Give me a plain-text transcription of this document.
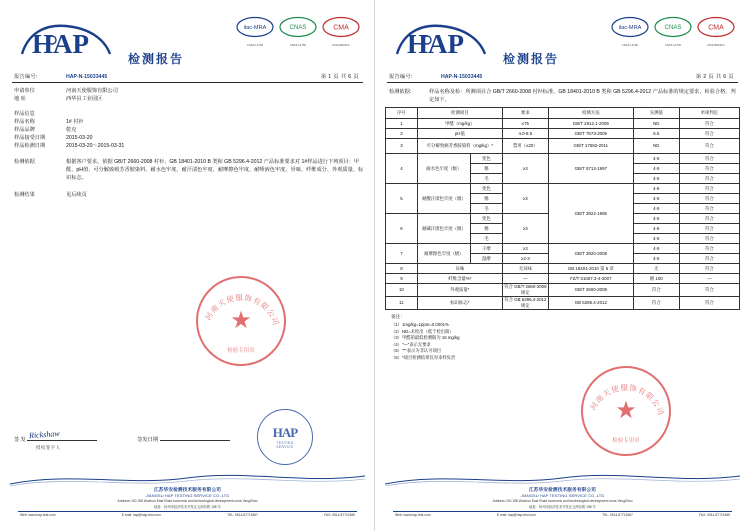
HAP	检测报告
ilac-MRA
CNAS L4766
CNAS
CNAS L4766
CMA
2012J0019FC
报告编号:	HAP-N-15033445	第 1 页 共 6 页
申请单位	河南天使服饰有限公司
地 址	西华县工业园区
样品信息
样品名称	1# 衬衫
样品品牌	乾克
样品接受日期	2015-03-20
样品检测日期	2015-03-20～2015-03-31
检测依据	根据客户要求，依据 GB/T 2660-2008 衬衫、GB 18401-2010 B 类和 GB 5296.4-2012 产品标准要求对 1#样品进行下列项目：甲醛、pH值、可分解致癌芳香胺染料、耐水色牢度、耐汗渍色牢度、耐摩擦色牢度、耐唾液色牢度、异味、纤维成分、外观质量、标识标志。
检测结果	见后续页
河南天使服饰有限公司
★
检验专用章
签 发 Rickshaw	签发日期
授权签字人
HAP
TESTING SERVICE
江苏华安检测技术服务有限公司
JIANGSU HAP TESTING SERVICE CO.,LTD
Address: NO.198 Wuzhou East Road economic and technological development zone,YangZhou
地址：扬州市经济技术开发区五洲东路 198 号
Web: www.hap-test.com	E-mail: hap@hap-test.com	TEL: 0514-87711567	FAX: 0514-87711565
HAP	检测报告
ilac-MRA
CNAS L4766
CNAS
CNAS L4766
CMA
2012J0019FC
报告编号:	HAP-N-15033445	第 2 页 共 6 页
检测依据:	样品名称及检：所测项目合 GB/T 2660-2008 衬衫标准、GB 18401-2010 B 类和 GB 5296.4-2012 产品标准的规定要求，检验合格，判定如下。
序号	检测项目		要求	检测方法	实测值	单项判定
1	甲醛（mg/kg）		≤75	GB/T 2912.1-2009	ND	符合
2	pH值		4.0-8.5	GB/T 7573-2009	6.5	符合
3	可分解致癌芳香胺染料（mg/kg）*		禁用（≤20）	GB/T 17592-2011	ND	符合
4	耐水色牢度（级）	变色	≥3	GB/T 5713-1997	4-5	符合
		棉			4-5	符合
		毛			4-5	符合
5	耐酸汗渍色牢度（级）	变色	≥3	GB/T 3922-1995	4-5	符合
		棉			4-5	符合
		毛			4-5	符合
6	耐碱汗渍色牢度（级）	变色	≥3		4-5	符合
		棉			4-5	符合
		毛			4-5	符合
7	耐摩擦色牢度（级）	干摩	≥3	GB/T 3920-2008	4-5	符合
		湿摩	≥2-3		4-5	符合
8	异味		无异味	GB 18401-2010 第 6 章	无	符合
9	纤维含量%*		—	FZ/T 01057.3-4-2007	棉 100	—
10	外观质量*		符合 GB/T 2660-2008 规定	GB/T 2660-2008	符合	符合
11	标识标志*		符合 GB 5296.4-2012 规定	GB 5296.4-2012	符合	符合
备注：
（1）1mg/kg=1ppm=0.0001%
（2）ND=未检出（低于检出限）
（3）甲醛的最低检测限为 16 mg/kg
（4）"—"表示无要求
（5）"*"表示为非认可项目
（5）*项目检测结果仅对来样负责
河南天使服饰有限公司
★
检验专用章
江苏华安检测技术服务有限公司
JIANGSU HAP TESTING SERVICE CO.,LTD
Address: NO.198 Wuzhou East Road economic and technological development zone,YangZhou
地址：扬州市经济技术开发区五洲东路 198 号
Web: www.hap-test.com	E-mail: hap@hap-test.com	TEL: 0514-87711567	FAX: 0514-87711565
